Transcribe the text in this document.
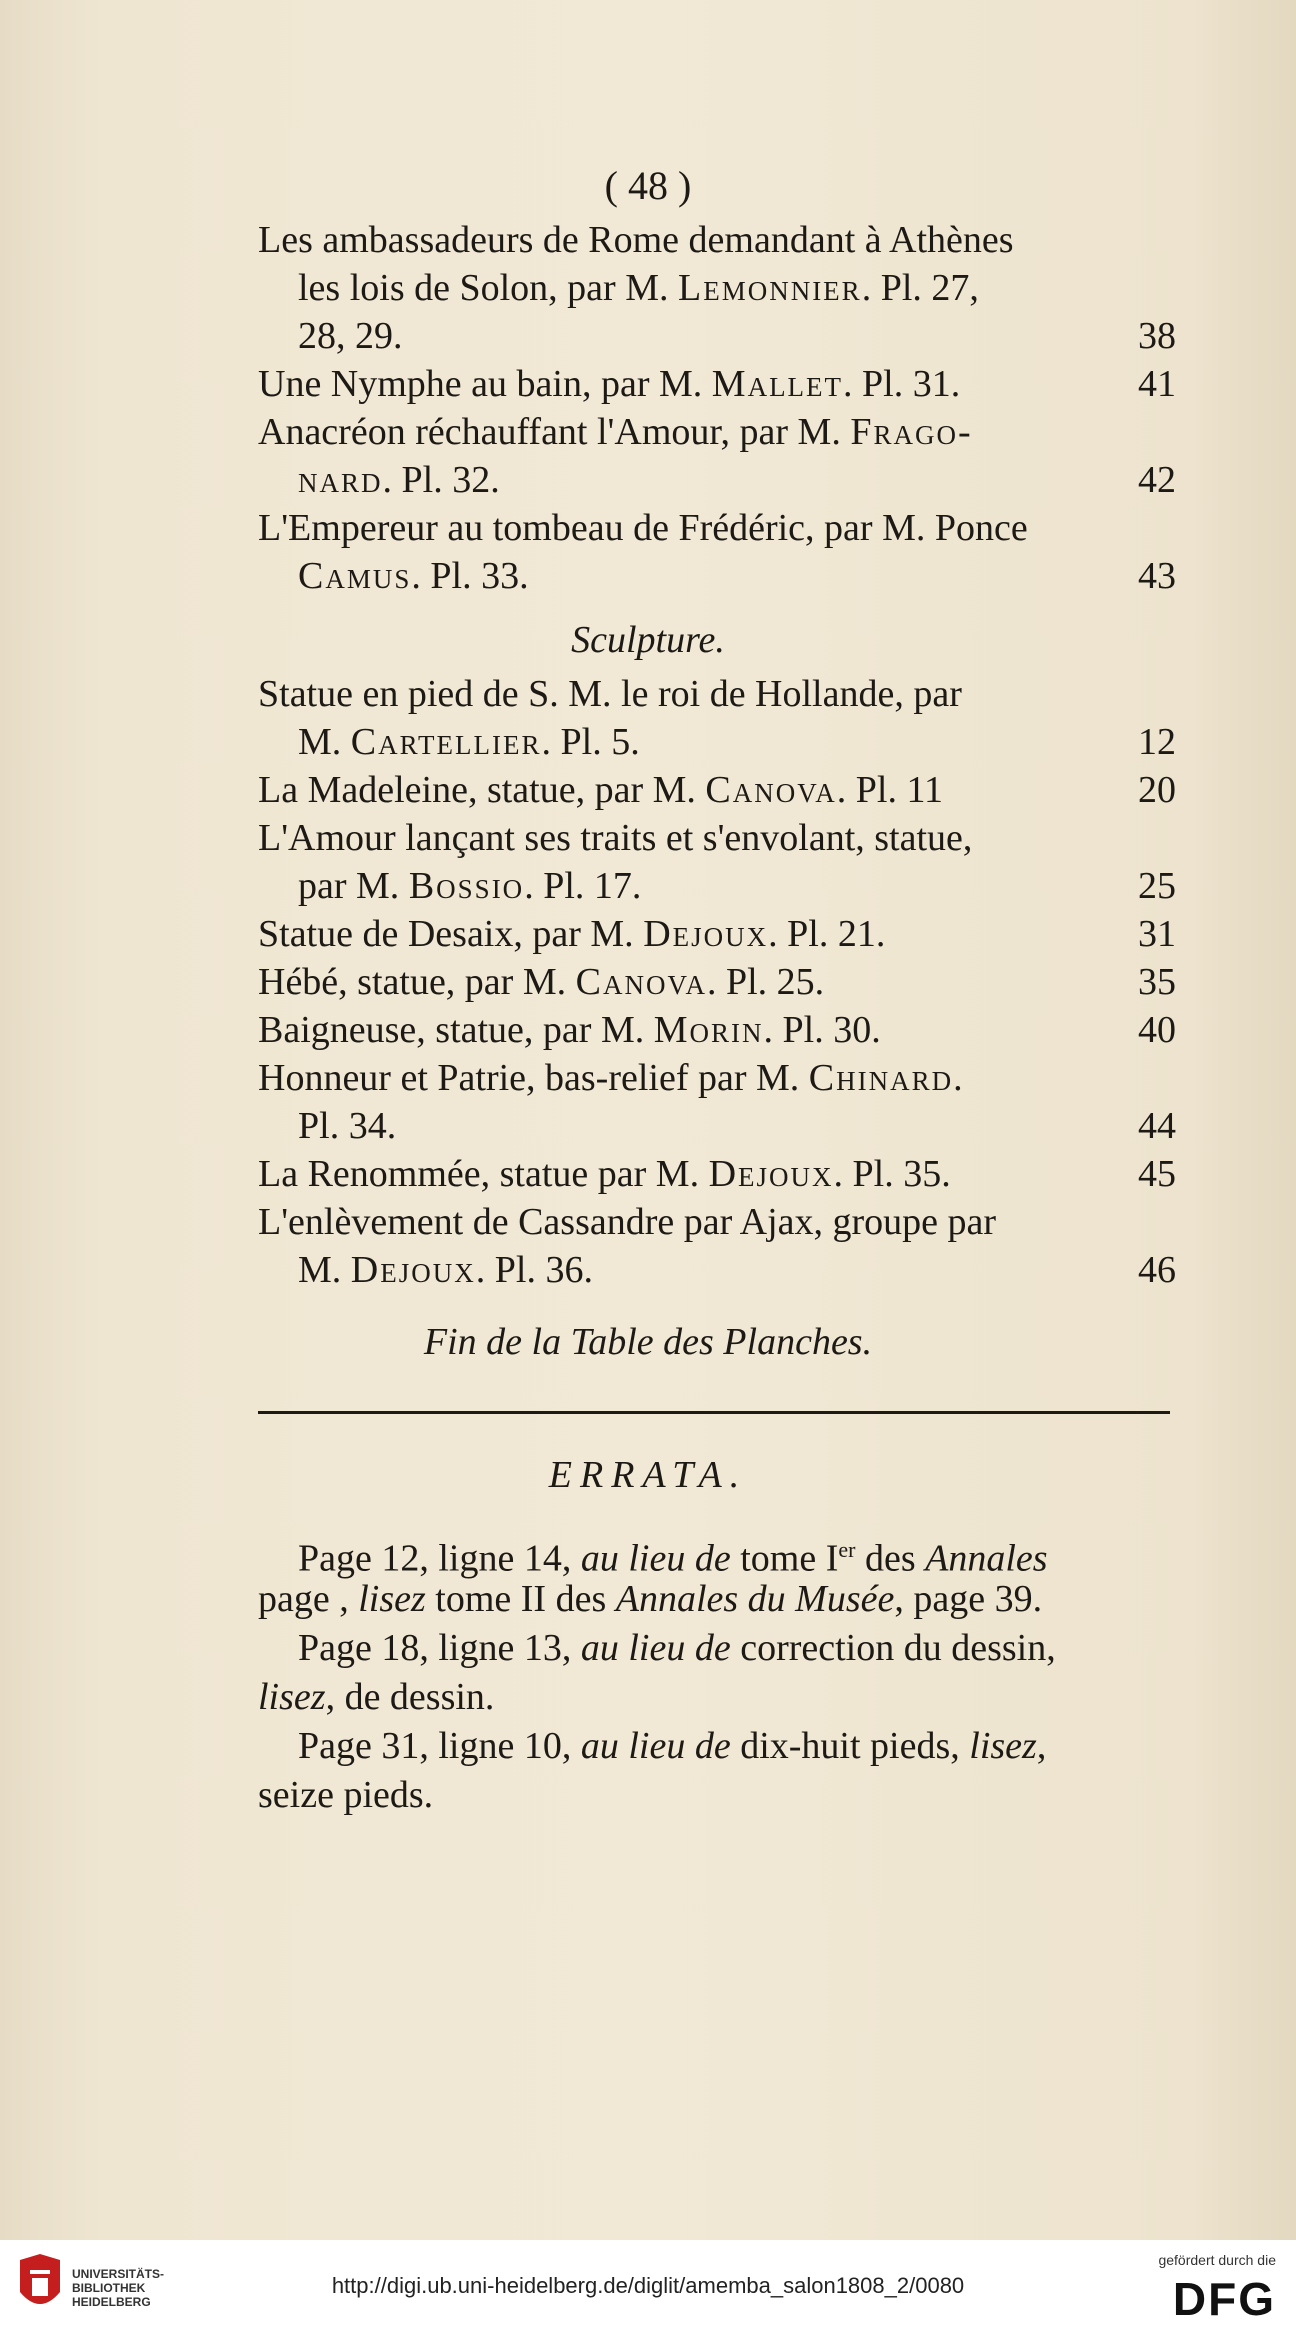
( 48 )
Les ambassadeurs de Rome demandant à Athènes
les lois de Solon, par M. Lemonnier. Pl. 27,
28, 29.	38
Une Nymphe au bain, par M. Mallet. Pl. 31.	41
Anacréon réchauffant l'Amour, par M. Frago-
nard. Pl. 32.	42
L'Empereur au tombeau de Frédéric, par M. Ponce
Camus. Pl. 33.	43
Sculpture.
Statue en pied de S. M. le roi de Hollande, par
M. Cartellier. Pl. 5.	12
La Madeleine, statue, par M. Canova. Pl. 11	20
L'Amour lançant ses traits et s'envolant, statue,
par M. Bossio. Pl. 17.	25
Statue de Desaix, par M. Dejoux. Pl. 21.	31
Hébé, statue, par M. Canova. Pl. 25.	35
Baigneuse, statue, par M. Morin. Pl. 30.	40
Honneur et Patrie, bas-relief par M. Chinard.
Pl. 34.	44
La Renommée, statue par M. Dejoux. Pl. 35.	45
L'enlèvement de Cassandre par Ajax, groupe par
M. Dejoux. Pl. 36.	46
Fin de la Table des Planches.
ERRATA.
Page 12, ligne 14, au lieu de tome Ier des Annales
page , lisez tome II des Annales du Musée, page 39.
Page 18, ligne 13, au lieu de correction du dessin,
lisez, de dessin.
Page 31, ligne 10, au lieu de dix-huit pieds, lisez,
seize pieds.
UNIVERSITÄTS-
BIBLIOTHEK
HEIDELBERG
http://digi.ub.uni-heidelberg.de/diglit/amemba_salon1808_2/0080
gefördert durch die
DFG
